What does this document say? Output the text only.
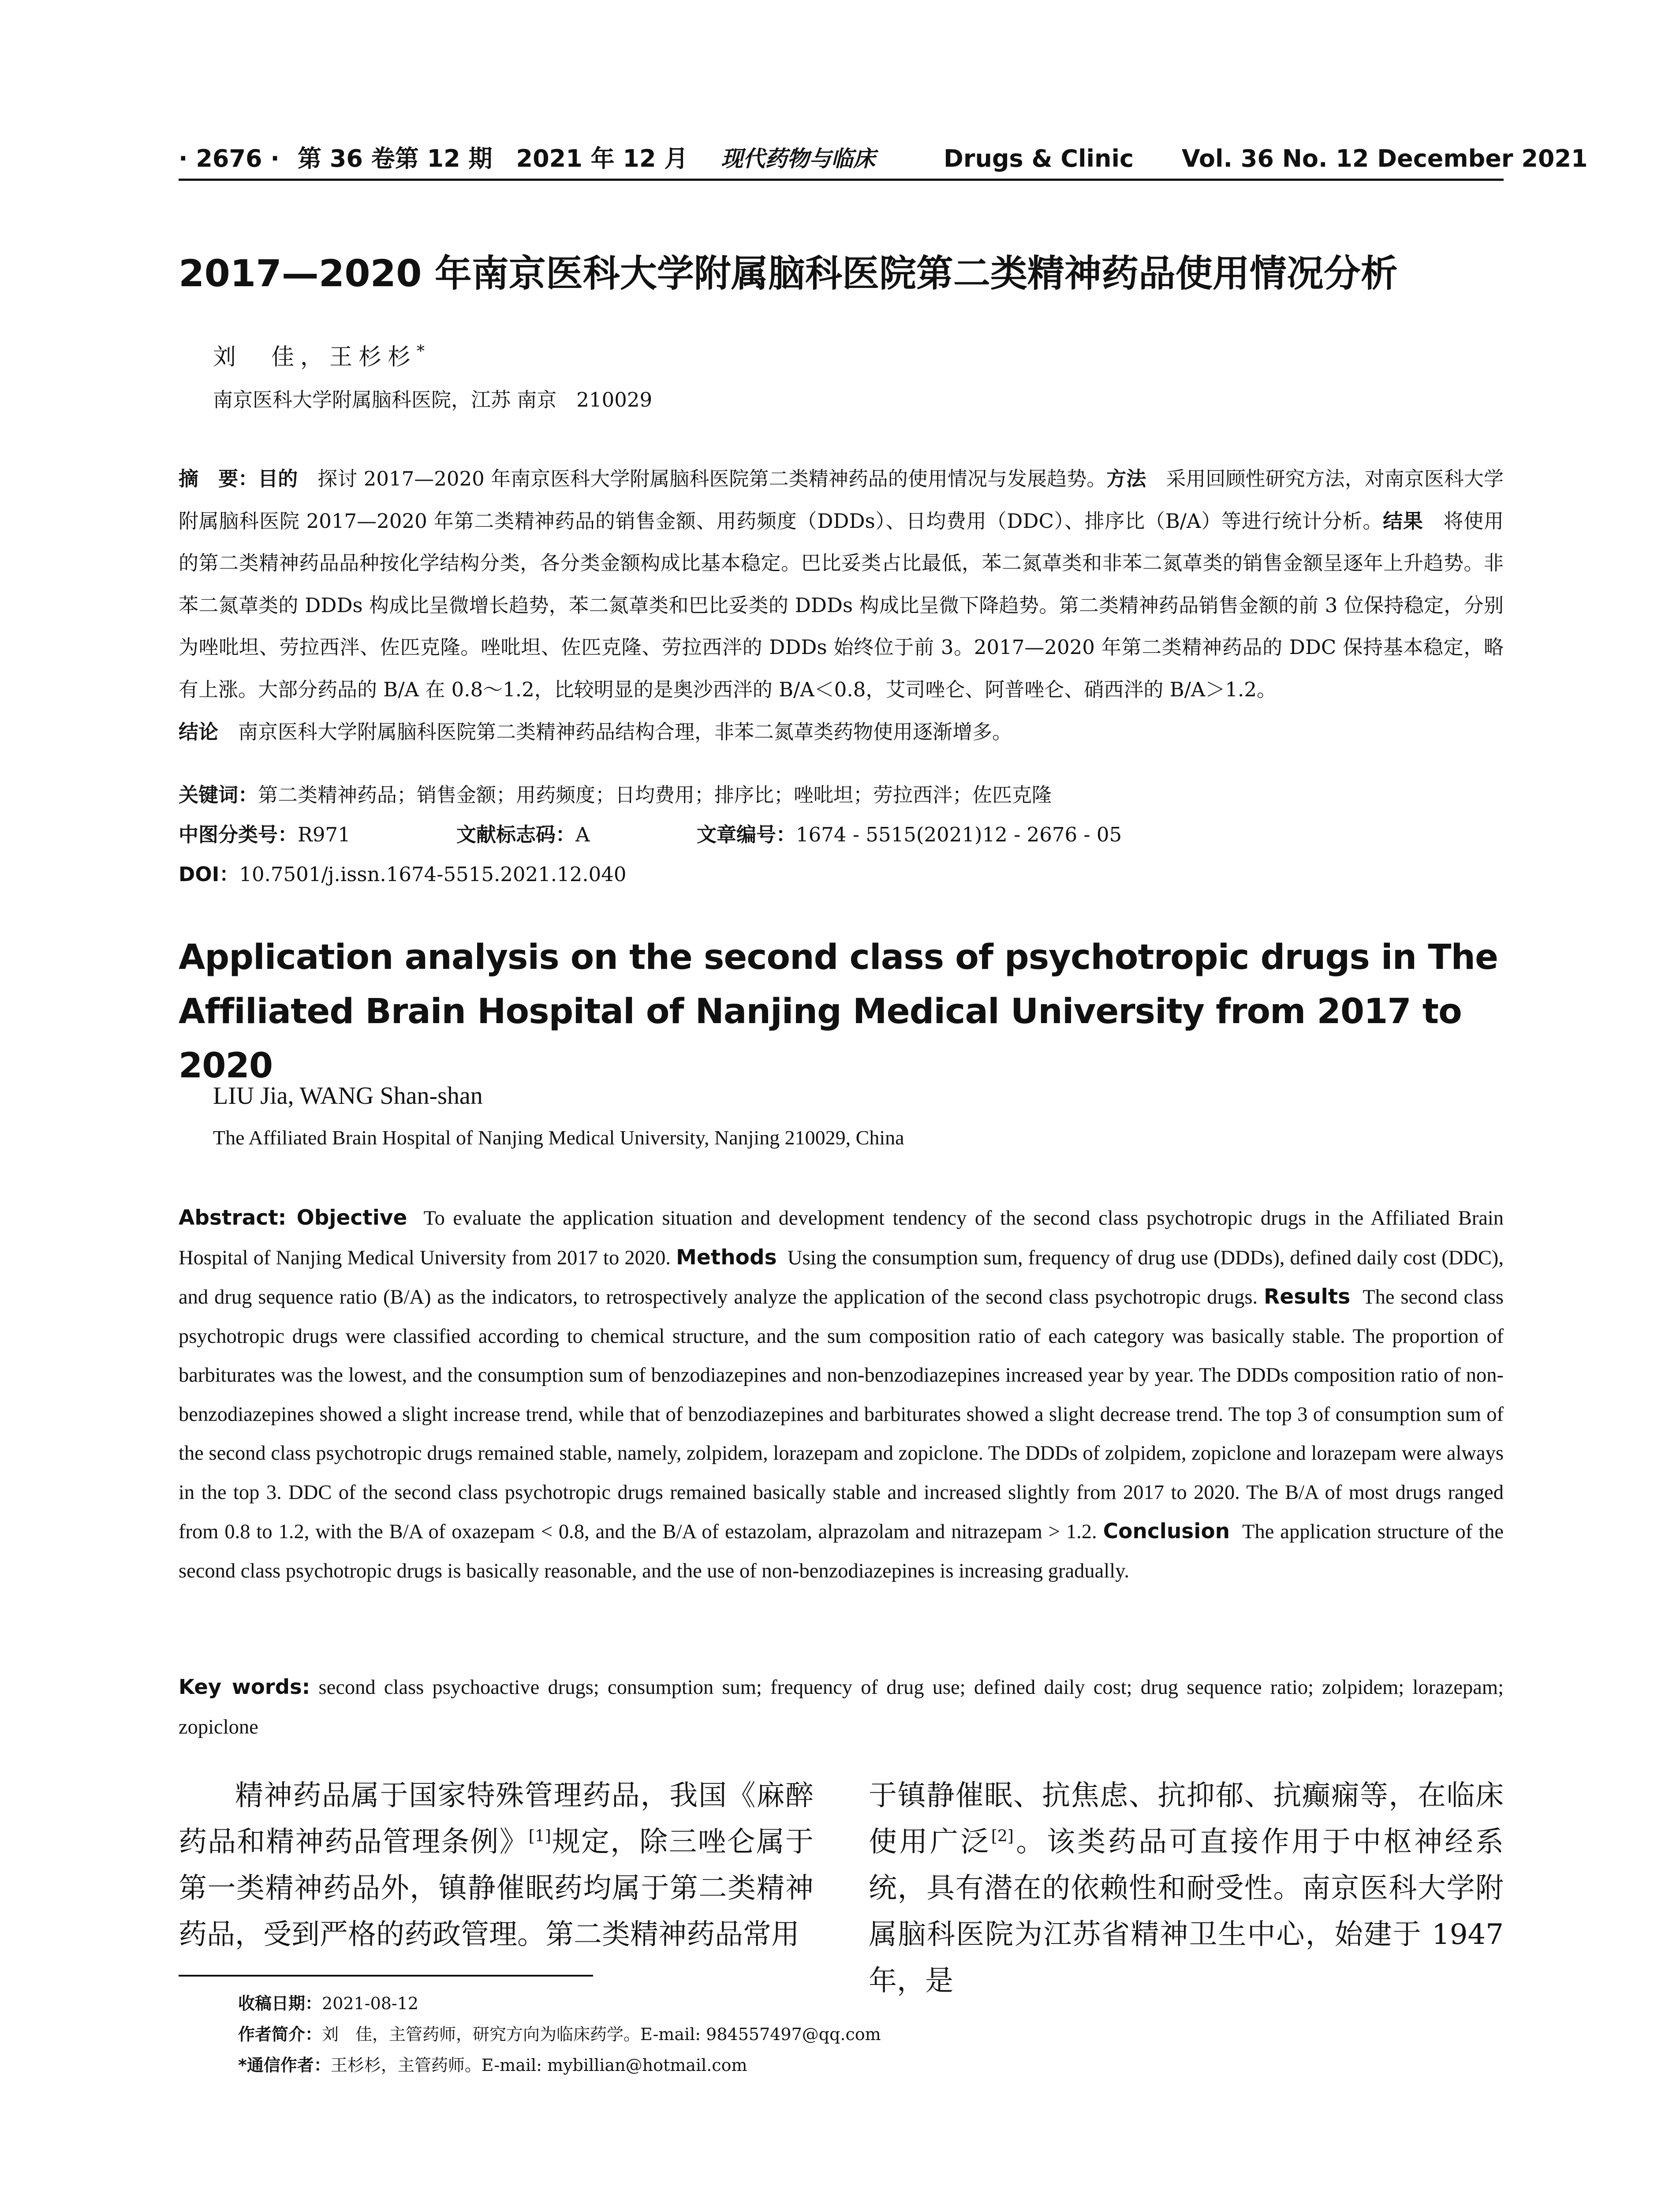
· 2676 · 第 36 卷第 12 期　2021 年 12 月 现代药物与临床	Drugs & Clinic Vol. 36 No. 12 December 2021
2017—2020 年南京医科大学附属脑科医院第二类精神药品使用情况分析
刘　佳，王杉杉*
南京医科大学附属脑科医院，江苏 南京　210029
摘　要：目的　 探讨 2017—2020 年南京医科大学附属脑科医院第二类精神药品的使用情况与发展趋势。方法　 采用回顾性研究方法，对南京医科大学附属脑科医院 2017—2020 年第二类精神药品的销售金额、用药频度（DDDs）、日均费用（DDC）、排序比（B/A）等进行统计分析。结果　 将使用的第二类精神药品品种按化学结构分类，各分类金额构成比基本稳定。巴比妥类占比最低，苯二氮䓬类和非苯二氮䓬类的销售金额呈逐年上升趋势。非苯二氮䓬类的 DDDs 构成比呈微增长趋势，苯二氮䓬类和巴比妥类的 DDDs 构成比呈微下降趋势。第二类精神药品销售金额的前 3 位保持稳定，分别为唑吡坦、劳拉西泮、佐匹克隆。唑吡坦、佐匹克隆、劳拉西泮的 DDDs 始终位于前 3。2017—2020 年第二类精神药品的 DDC 保持基本稳定，略有上涨。大部分药品的 B/A 在 0.8～1.2，比较明显的是奥沙西泮的 B/A＜0.8，艾司唑仑、阿普唑仑、硝西泮的 B/A＞1.2。
结论　 南京医科大学附属脑科医院第二类精神药品结构合理，非苯二氮䓬类药物使用逐渐增多。
关键词：第二类精神药品；销售金额；用药频度；日均费用；排序比；唑吡坦；劳拉西泮；佐匹克隆
中图分类号：R971	文献标志码：A	文章编号：1674 - 5515(2021)12 - 2676 - 05
DOI：10.7501/j.issn.1674-5515.2021.12.040
Application analysis on the second class of psychotropic drugs in The Affiliated Brain Hospital of Nanjing Medical University from 2017 to 2020
LIU Jia, WANG Shan-shan
The Affiliated Brain Hospital of Nanjing Medical University, Nanjing 210029, China
Abstract: Objective To evaluate the application situation and development tendency of the second class psychotropic drugs in the Affiliated Brain Hospital of Nanjing Medical University from 2017 to 2020. Methods Using the consumption sum, frequency of drug use (DDDs), defined daily cost (DDC), and drug sequence ratio (B/A) as the indicators, to retrospectively analyze the application of the second class psychotropic drugs. Results The second class psychotropic drugs were classified according to chemical structure, and the sum composition ratio of each category was basically stable. The proportion of barbiturates was the lowest, and the consumption sum of benzodiazepines and non-benzodiazepines increased year by year. The DDDs composition ratio of non-benzodiazepines showed a slight increase trend, while that of benzodiazepines and barbiturates showed a slight decrease trend. The top 3 of consumption sum of the second class psychotropic drugs remained stable, namely, zolpidem, lorazepam and zopiclone. The DDDs of zolpidem, zopiclone and lorazepam were always in the top 3. DDC of the second class psychotropic drugs remained basically stable and increased slightly from 2017 to 2020. The B/A of most drugs ranged from 0.8 to 1.2, with the B/A of oxazepam < 0.8, and the B/A of estazolam, alprazolam and nitrazepam > 1.2. Conclusion The application structure of the second class psychotropic drugs is basically reasonable, and the use of non-benzodiazepines is increasing gradually.
Key words: second class psychoactive drugs; consumption sum; frequency of drug use; defined daily cost; drug sequence ratio; zolpidem; lorazepam; zopiclone
精神药品属于国家特殊管理药品，我国《麻醉药品和精神药品管理条例》[1]规定，除三唑仑属于第一类精神药品外，镇静催眠药均属于第二类精神药品，受到严格的药政管理。第二类精神药品常用
于镇静催眠、抗焦虑、抗抑郁、抗癫痫等，在临床使用广泛[2]。该类药品可直接作用于中枢神经系统，具有潜在的依赖性和耐受性。南京医科大学附属脑科医院为江苏省精神卫生中心，始建于 1947 年，是
收稿日期：2021-08-12
作者简介：刘　佳，主管药师，研究方向为临床药学。E-mail: 984557497@qq.com
*通信作者：王杉杉，主管药师。E-mail: mybillian@hotmail.com
